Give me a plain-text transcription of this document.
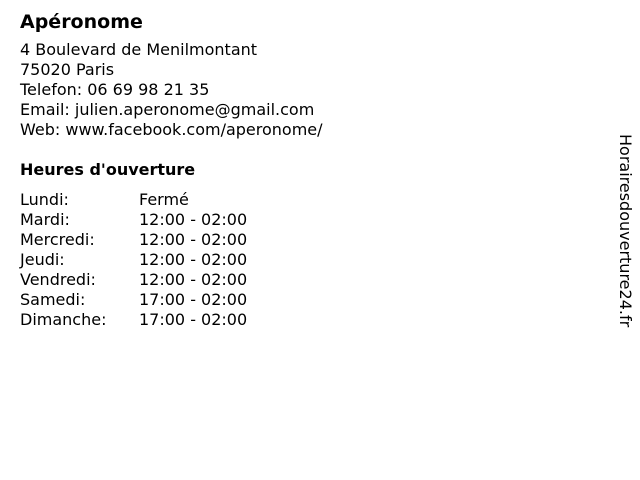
Apéronome
4 Boulevard de Menilmontant
75020 Paris
Telefon: 06 69 98 21 35
Email: julien.aperonome@gmail.com
Web: www.facebook.com/aperonome/
Heures d'ouverture
Lundi:	Fermé
Mardi:	12:00 - 02:00
Mercredi:	12:00 - 02:00
Jeudi:	12:00 - 02:00
Vendredi:	12:00 - 02:00
Samedi:	17:00 - 02:00
Dimanche:	17:00 - 02:00	Horairesdouverture24.fr
